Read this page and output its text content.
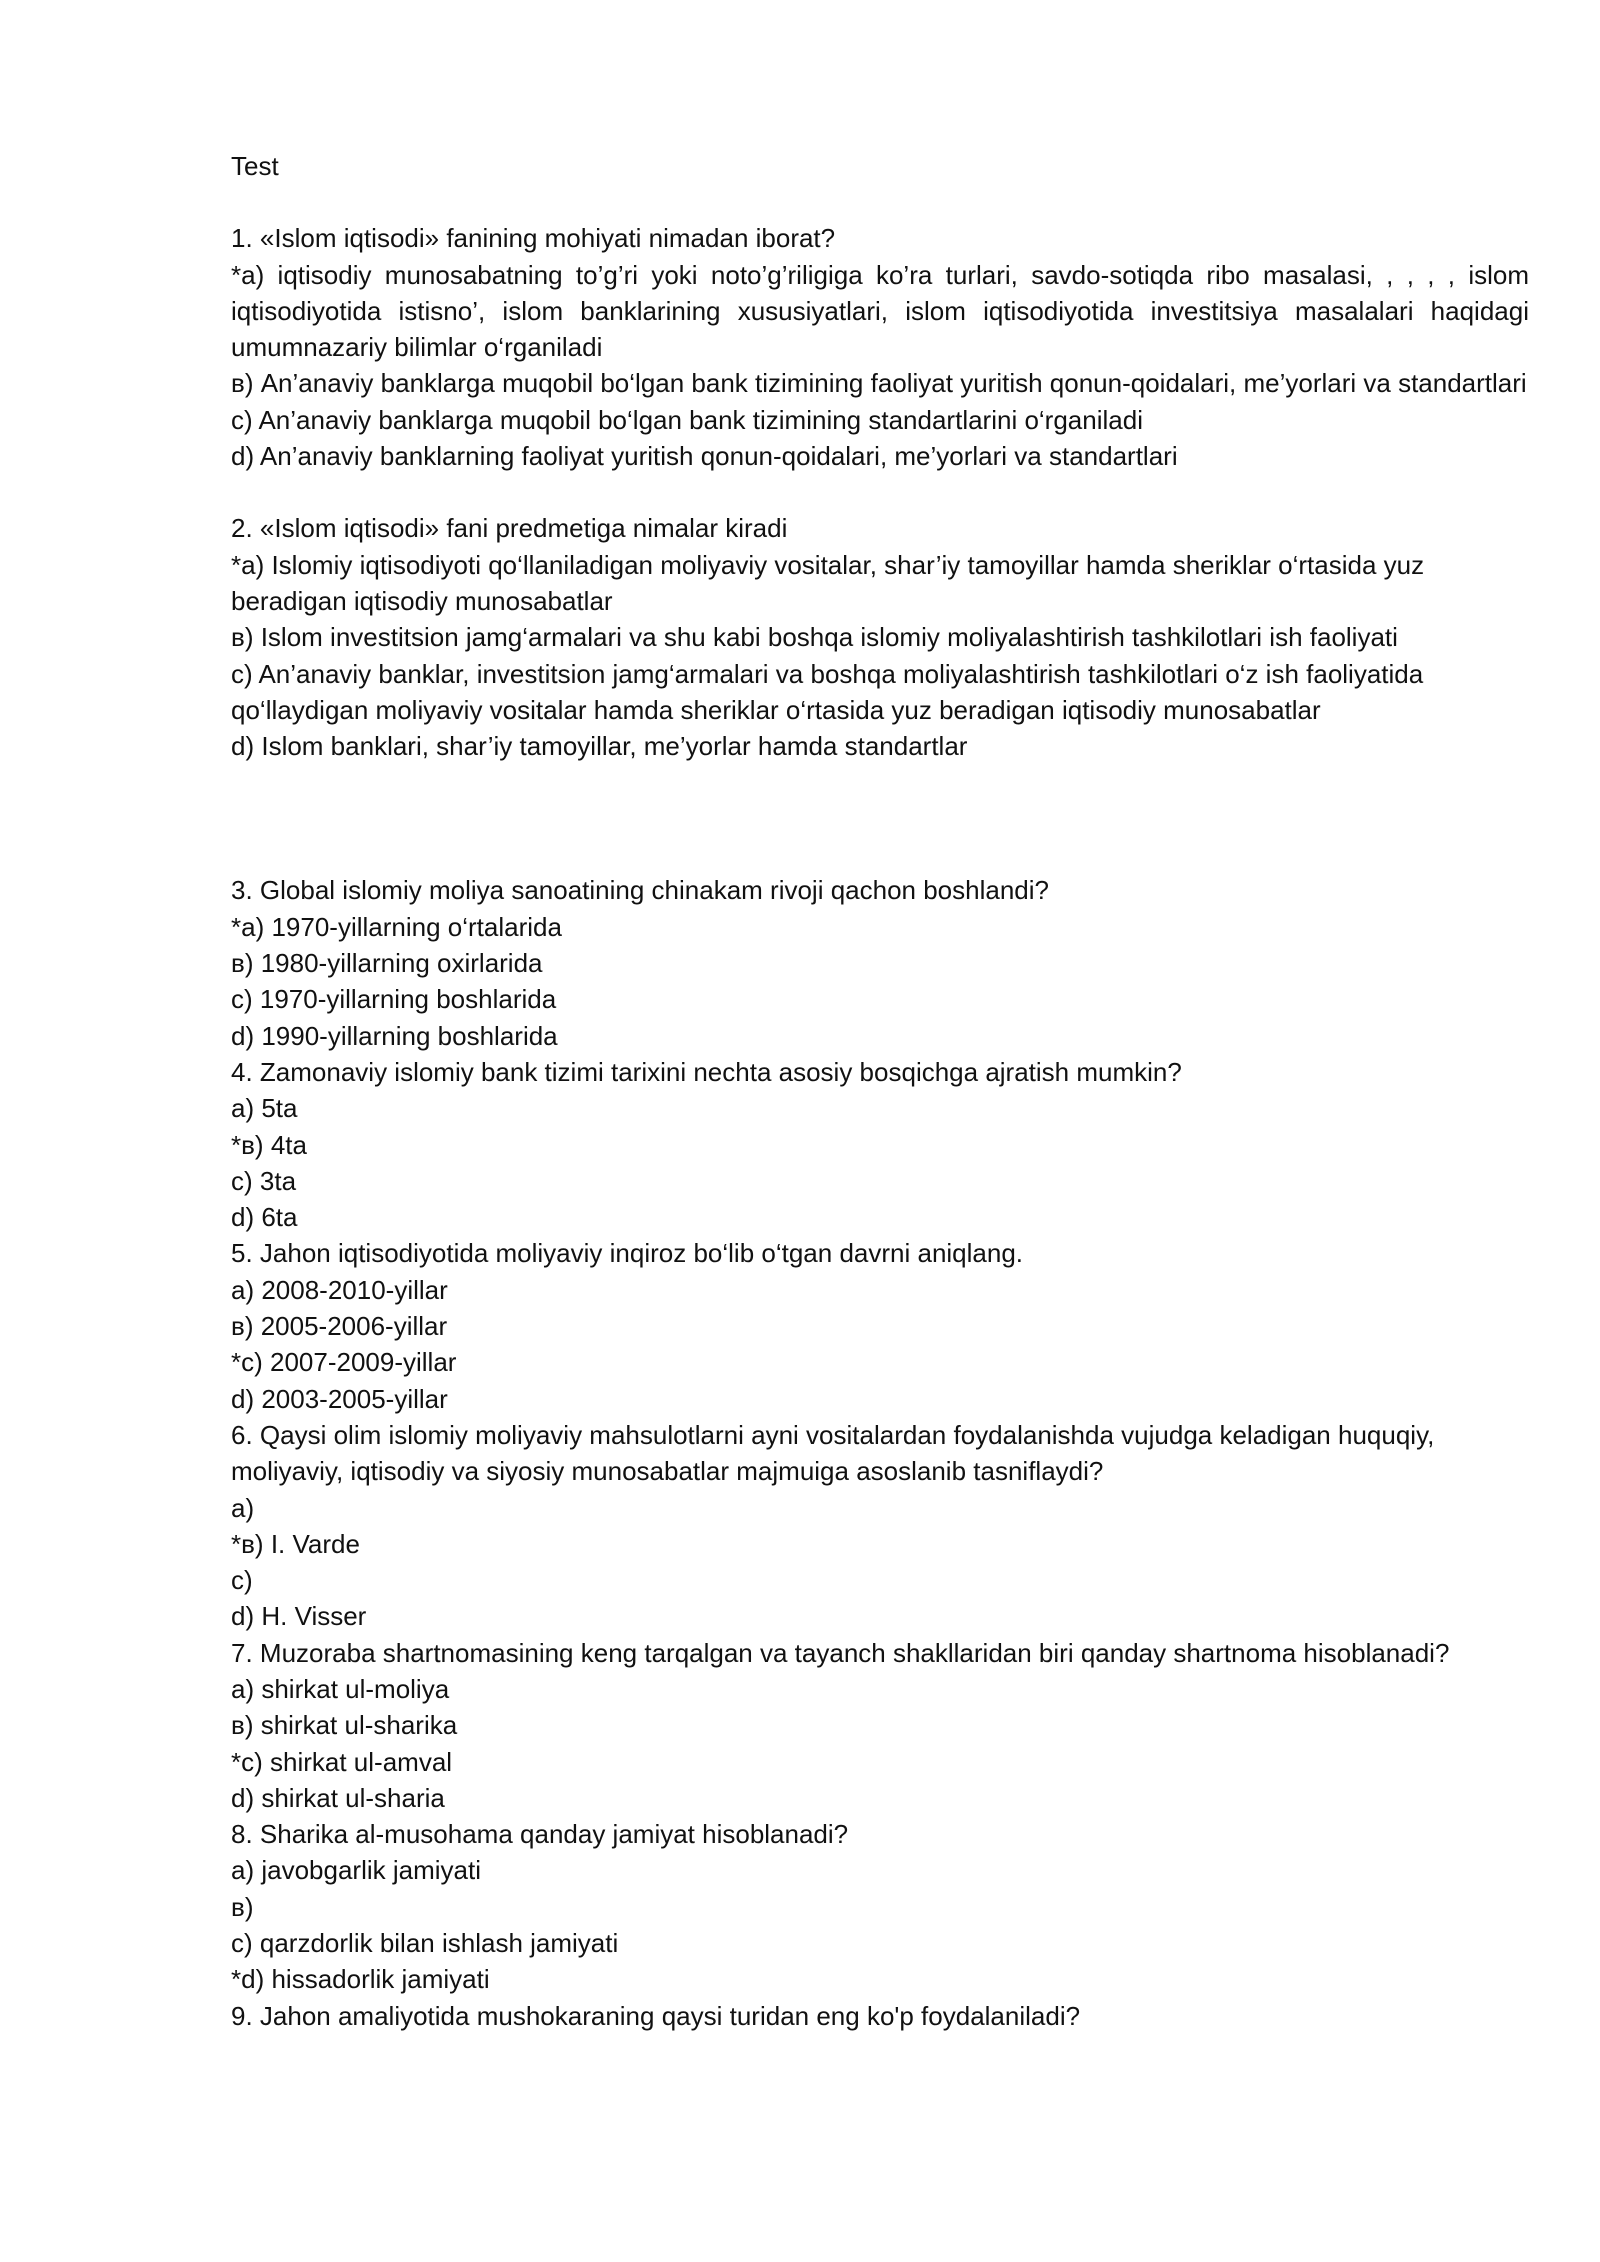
Test

1. «Islom iqtisodi» fanining mohiyati nimadan iborat?

*a) iqtisodiy munosabatning to’g’ri yoki noto’g’riligiga ko’ra turlari, savdo-sotiqda ribo masalasi, , , , , islom iqtisodiyotida istisno’, islom banklarining xususiyatlari, islom iqtisodiyotida investitsiya masalalari haqidagi umumnazariy bilimlar o‘rganiladi

в) An’anaviy banklarga muqobil bo‘lgan bank tizimining faoliyat yuritish qonun-qoidalari, me’yorlari va standartlari

c) An’anaviy banklarga muqobil bo‘lgan bank tizimining standartlarini o‘rganiladi

d) An’anaviy banklarning faoliyat yuritish qonun-qoidalari, me’yorlari va standartlari

2. «Islom iqtisodi» fani predmetiga nimalar kiradi

*a) Islomiy iqtisodiyoti qo‘llaniladigan moliyaviy vositalar, shar’iy tamoyillar hamda sheriklar o‘rtasida yuz beradigan iqtisodiy munosabatlar

в) Islom investitsion jamg‘armalari va shu kabi boshqa islomiy moliyalashtirish tashkilotlari ish faoliyati

c) An’anaviy banklar, investitsion jamg‘armalari va boshqa moliyalashtirish tashkilotlari o‘z ish faoliyatida qo‘llaydigan moliyaviy vositalar hamda sheriklar o‘rtasida yuz beradigan iqtisodiy munosabatlar

d) Islom banklari, shar’iy tamoyillar, me’yorlar hamda standartlar

3. Global islomiy moliya sanoatining chinakam rivoji qachon boshlandi?

*a) 1970-yillarning o‘rtalarida

в) 1980-yillarning oxirlarida

c) 1970-yillarning boshlarida

d) 1990-yillarning boshlarida

4. Zamonaviy islomiy bank tizimi tarixini nechta asosiy bosqichga ajratish mumkin?

a) 5ta

*в) 4ta

c) 3ta

d) 6ta

5. Jahon iqtisodiyotida moliyaviy inqiroz bo‘lib o‘tgan davrni aniqlang.

a) 2008-2010-yillar

в) 2005-2006-yillar

*c) 2007-2009-yillar

d) 2003-2005-yillar

6. Qaysi olim islomiy moliyaviy mahsulotlarni ayni vositalardan foydalanishda vujudga keladigan huquqiy, moliyaviy, iqtisodiy va siyosiy munosabatlar majmuiga asoslanib tasniflaydi?

a)

*в) I. Varde

c)

d) H. Visser

7. Muzoraba shartnomasining keng tarqalgan va tayanch shakllaridan biri qanday shartnoma hisoblanadi?

a) shirkat ul-moliya

в) shirkat ul-sharika

*c) shirkat ul-amval

d) shirkat ul-sharia

8. Sharika al-musohama qanday jamiyat hisoblanadi?

a) javobgarlik jamiyati

в)

c) qarzdorlik bilan ishlash jamiyati

*d) hissadorlik jamiyati

9. Jahon amaliyotida mushokaraning qaysi turidan eng ko'p foydalaniladi?
